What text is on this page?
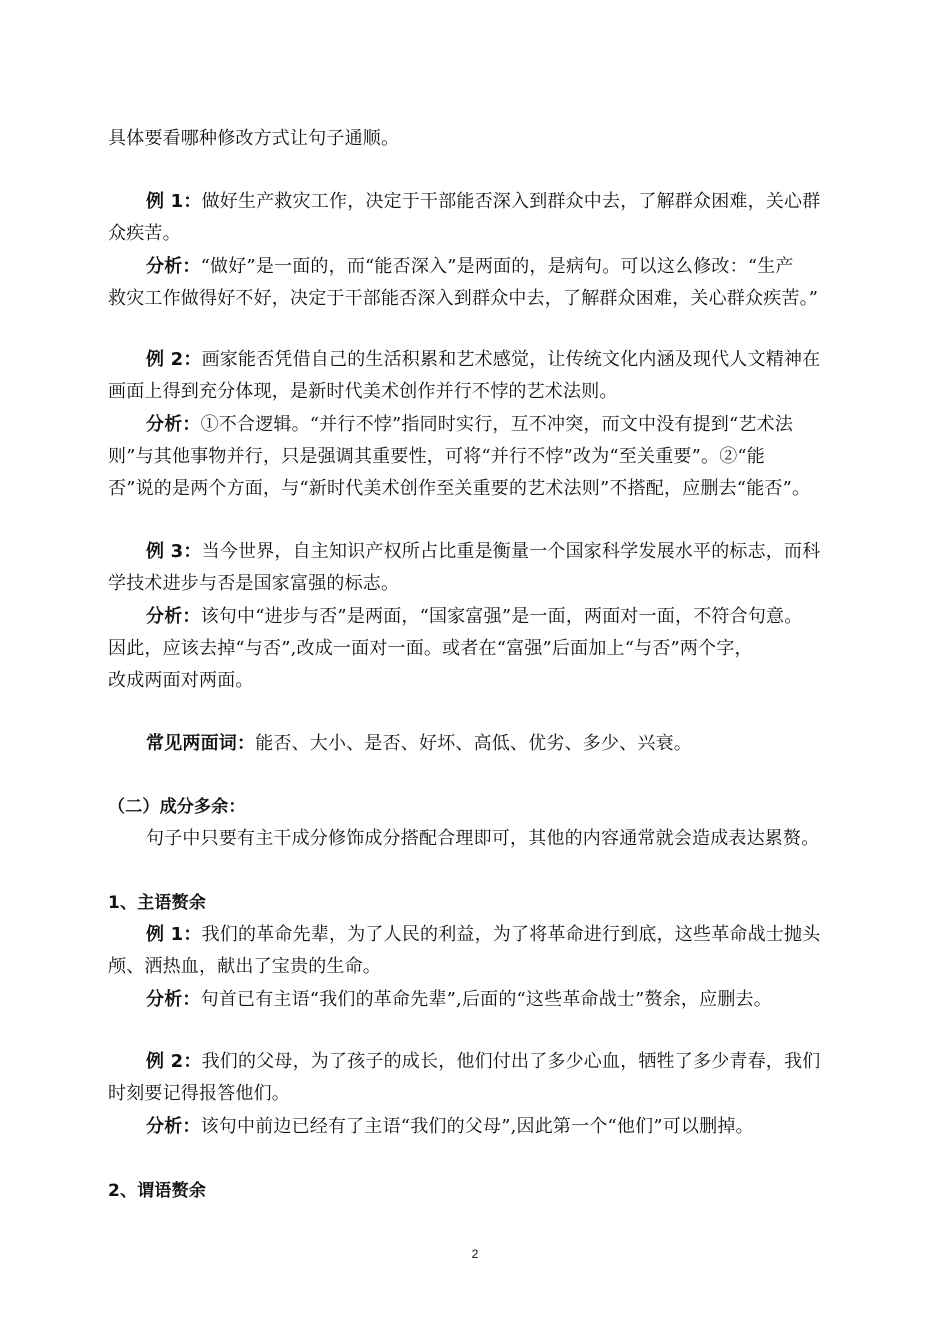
具体要看哪种修改方式让句子通顺。
例 1：做好生产救灾工作，决定于干部能否深入到群众中去，了解群众困难，关心群
众疾苦。
分析：“做好”是一面的，而“能否深入”是两面的，是病句。可以这么修改：“生产
救灾工作做得好不好，决定于干部能否深入到群众中去，了解群众困难，关心群众疾苦。”
例 2：画家能否凭借自己的生活积累和艺术感觉，让传统文化内涵及现代人文精神在
画面上得到充分体现，是新时代美术创作并行不悖的艺术法则。
分析：①不合逻辑。“并行不悖”指同时实行，互不冲突，而文中没有提到“艺术法
则”与其他事物并行，只是强调其重要性，可将“并行不悖”改为“至关重要”。②“能
否”说的是两个方面，与“新时代美术创作至关重要的艺术法则”不搭配，应删去“能否”。
例 3：当今世界，自主知识产权所占比重是衡量一个国家科学发展水平的标志，而科
学技术进步与否是国家富强的标志。
分析：该句中“进步与否”是两面，“国家富强”是一面，两面对一面，不符合句意。
因此，应该去掉“与否”,改成一面对一面。或者在“富强”后面加上“与否”两个字，
改成两面对两面。
常见两面词：能否、大小、是否、好坏、高低、优劣、多少、兴衰。
（二）成分多余：
句子中只要有主干成分修饰成分搭配合理即可，其他的内容通常就会造成表达累赘。
1、主语赘余
例 1：我们的革命先辈，为了人民的利益，为了将革命进行到底，这些革命战士抛头
颅、洒热血，献出了宝贵的生命。
分析：句首已有主语“我们的革命先辈”,后面的“这些革命战士”赘余，应删去。
例 2：我们的父母，为了孩子的成长，他们付出了多少心血，牺牲了多少青春，我们
时刻要记得报答他们。
分析：该句中前边已经有了主语“我们的父母”,因此第一个“他们”可以删掉。
2、谓语赘余
2
